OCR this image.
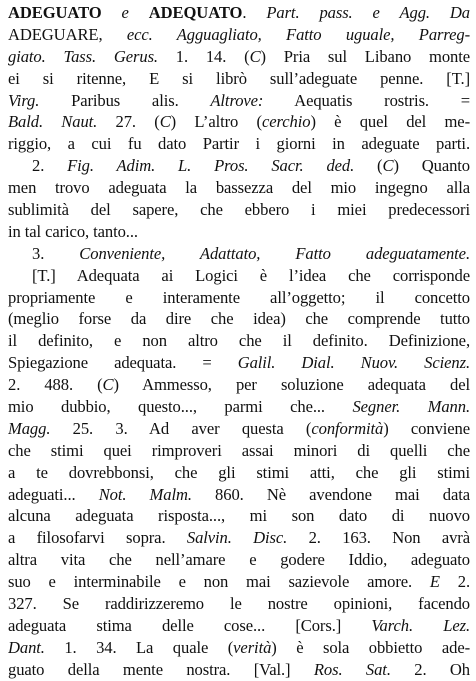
ADEGUATO e ADEQUATO. Part. pass. e Agg. Da
ADEGUARE, ecc. Agguagliato, Fatto uguale, Parreg-
giato. Tass. Gerus. 1. 14. (C) Pria sul Libano monte
ei si ritenne, E si librò sull’adeguate penne. [T.]
Virg. Paribus alis. Altrove: Aequatis rostris. =
Bald. Naut. 27. (C) L’altro (cerchio) è quel del me-
riggio, a cui fu dato Partir i giorni in adeguate parti.
2. Fig. Adim. L. Pros. Sacr. ded. (C) Quanto
men trovo adeguata la bassezza del mio ingegno alla
sublimità del sapere, che ebbero i miei predecessori
in tal carico, tanto...
3. Conveniente, Adattato, Fatto adeguatamente.
[T.] Adequata ai Logici è l’idea che corrisponde
propriamente e interamente all’oggetto; il concetto
(meglio forse da dire che idea) che comprende tutto
il definito, e non altro che il definito. Definizione,
Spiegazione adequata. = Galil. Dial. Nuov. Scienz.
2. 488. (C) Ammesso, per soluzione adequata del
mio dubbio, questo..., parmi che... Segner. Mann.
Magg. 25. 3. Ad aver questa (conformità) conviene
che stimi quei rimproveri assai minori di quelli che
a te dovrebbonsi, che gli stimi atti, che gli stimi
adeguati... Not. Malm. 860. Nè avendone mai data
alcuna adeguata risposta..., mi son dato di nuovo
a filosofarvi sopra. Salvin. Disc. 2. 163. Non avrà
altra vita che nell’amare e godere Iddio, adeguato
suo e interminabile e non mai sazievole amore. E 2.
327. Se raddirizzeremo le nostre opinioni, facendo
adeguata stima delle cose... [Cors.] Varch. Lez.
Dant. 1. 34. La quale (verità) è sola obbietto ade-
guato della mente nostra. [Val.] Ros. Sat. 2. Oh
